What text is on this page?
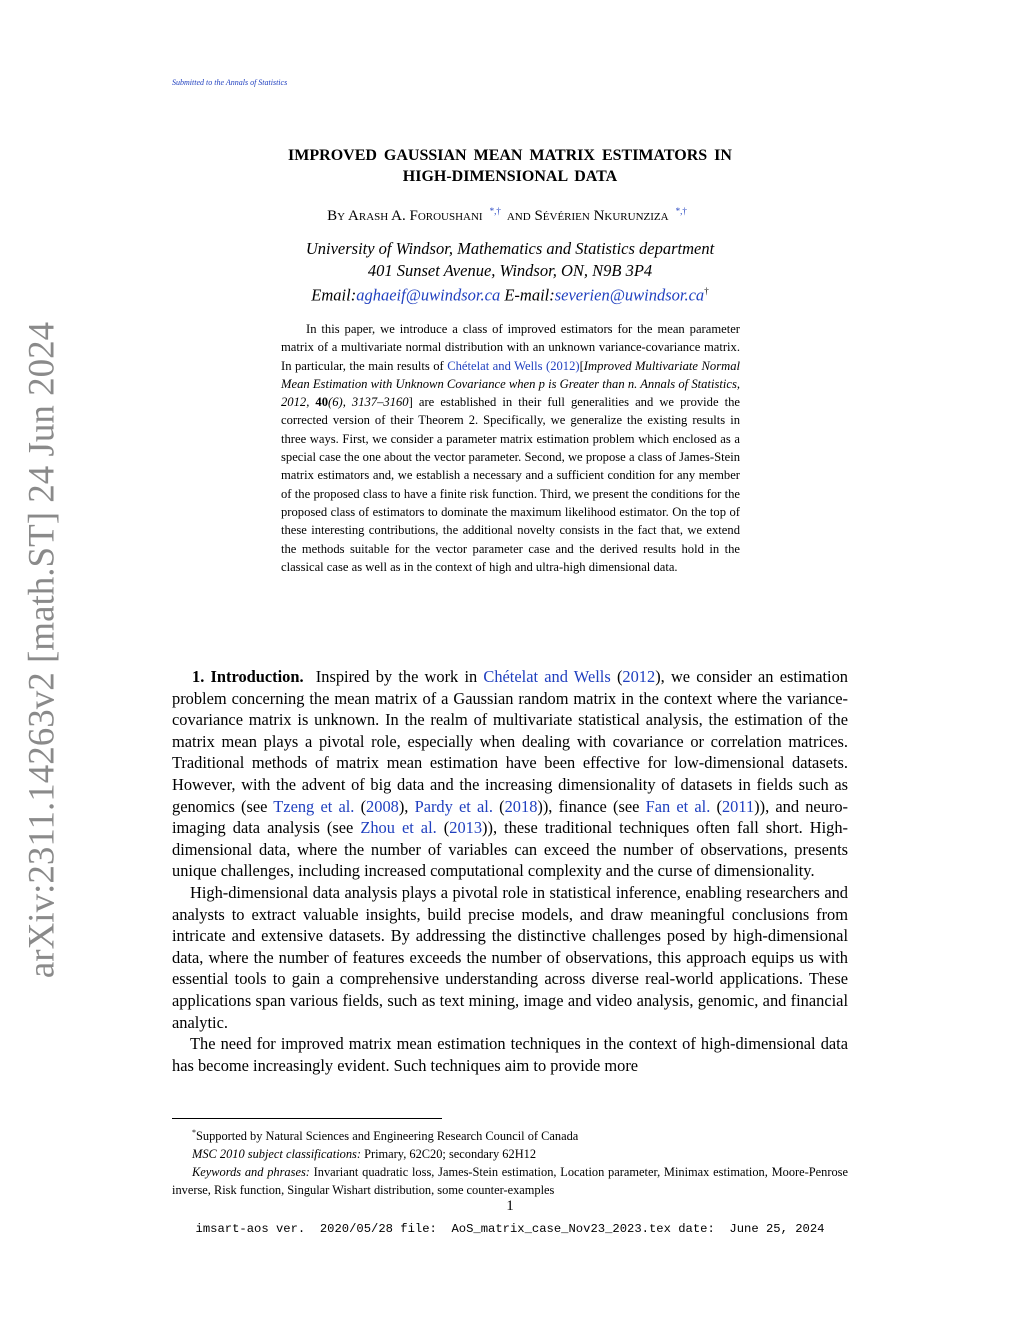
Submitted to the Annals of Statistics
arXiv:2311.14263v2 [math.ST] 24 Jun 2024
IMPROVED GAUSSIAN MEAN MATRIX ESTIMATORS IN
HIGH-DIMENSIONAL DATA
By Arash A. Foroushani *,† and Sévérien Nkurunziza *,†
University of Windsor, Mathematics and Statistics department
401 Sunset Avenue, Windsor, ON, N9B 3P4
Email:aghaeif@uwindsor.ca E-mail:severien@uwindsor.ca†

In this paper, we introduce a class of improved estimators for the mean parameter matrix of a multivariate normal distribution with an unknown variance-covariance matrix. In particular, the main results of Chételat and Wells (2012)[Improved Multivariate Normal Mean Estimation with Unknown Covariance when p is Greater than n. Annals of Statistics, 2012, 40(6), 3137–3160] are established in their full generalities and we provide the corrected version of their Theorem 2. Specifically, we generalize the existing results in three ways. First, we consider a parameter matrix estimation problem which enclosed as a special case the one about the vector parameter. Second, we propose a class of James-Stein matrix estimators and, we establish a necessary and a sufficient condition for any member of the proposed class to have a finite risk function. Third, we present the conditions for the proposed class of estimators to dominate the maximum likelihood estimator. On the top of these interesting contributions, the additional novelty consists in the fact that, we extend the methods suitable for the vector parameter case and the derived results hold in the classical case as well as in the context of high and ultra-high dimensional data.

1. Introduction. Inspired by the work in Chételat and Wells (2012), we consider an estimation problem concerning the mean matrix of a Gaussian random matrix in the context where the variance-covariance matrix is unknown. In the realm of multivariate statistical analysis, the estimation of the matrix mean plays a pivotal role, especially when dealing with covariance or correlation matrices. Traditional methods of matrix mean estimation have been effective for low-dimensional datasets. However, with the advent of big data and the increasing dimensionality of datasets in fields such as genomics (see Tzeng et al. (2008), Pardy et al. (2018)), finance (see Fan et al. (2011)), and neuro-imaging data analysis (see Zhou et al. (2013)), these traditional techniques often fall short. High-dimensional data, where the number of variables can exceed the number of observations, presents unique challenges, including increased computational complexity and the curse of dimensionality.

High-dimensional data analysis plays a pivotal role in statistical inference, enabling researchers and analysts to extract valuable insights, build precise models, and draw meaningful conclusions from intricate and extensive datasets. By addressing the distinctive challenges posed by high-dimensional data, where the number of features exceeds the number of observations, this approach equips us with essential tools to gain a comprehensive understanding across diverse real-world applications. These applications span various fields, such as text mining, image and video analysis, genomic, and financial analytic.

The need for improved matrix mean estimation techniques in the context of high-dimensional data has become increasingly evident. Such techniques aim to provide more

*Supported by Natural Sciences and Engineering Research Council of Canada

MSC 2010 subject classifications: Primary, 62C20; secondary 62H12

Keywords and phrases: Invariant quadratic loss, James-Stein estimation, Location parameter, Minimax estimation, Moore-Penrose inverse, Risk function, Singular Wishart distribution, some counter-examples

1
imsart-aos ver.  2020/05/28 file:  AoS_matrix_case_Nov23_2023.tex date:  June 25, 2024
